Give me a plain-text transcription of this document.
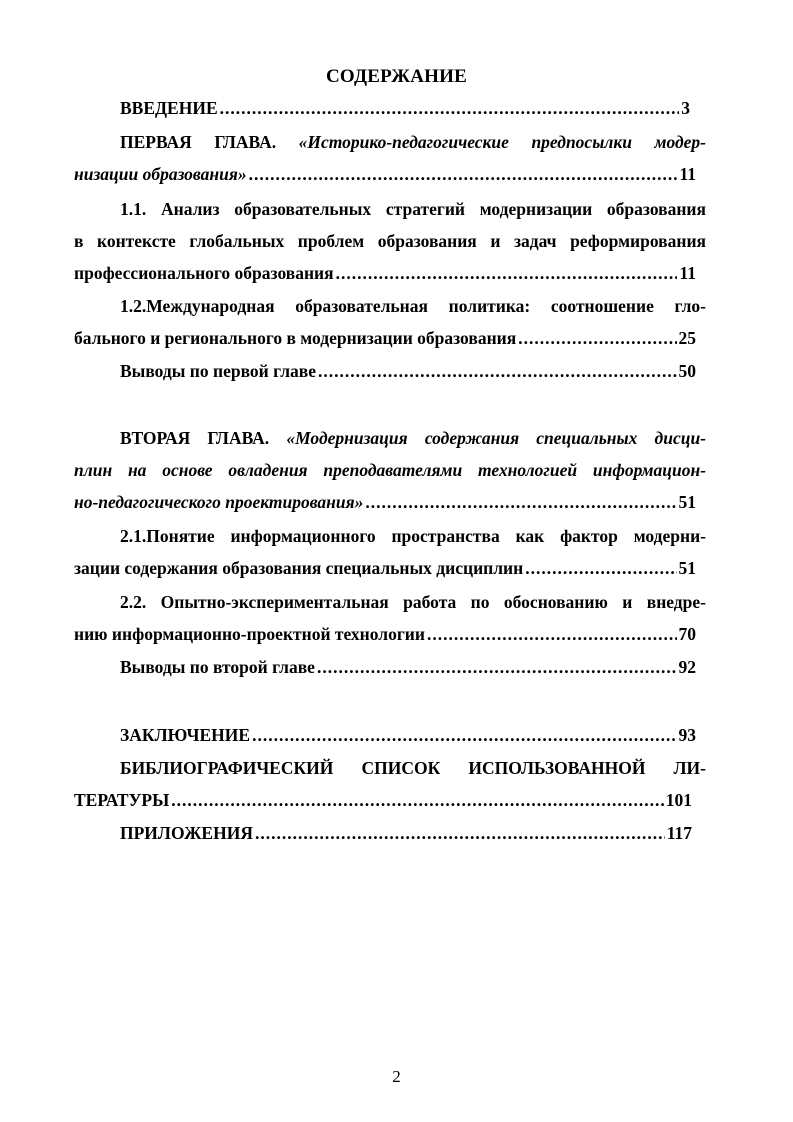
СОДЕРЖАНИЕ
ВВЕДЕНИЕ .....	3
ПЕРВАЯ ГЛАВА. «Историко-педагогические предпосылки модер-
низации образования» .....	11
1.1. Анализ образовательных стратегий модернизации образования
в контексте глобальных проблем образования и задач реформирования
профессионального образования .....	11
1.2.Международная образовательная политика: соотношение гло-
бального и регионального в модернизации образования .....	25
Выводы по первой главе .....	50
ВТОРАЯ ГЛАВА. «Модернизация содержания специальных дисци-
плин на основе овладения преподавателями технологией информацион-
но-педагогического проектирования» .....	51
2.1.Понятие информационного пространства как фактор модерни-
зации содержания образования специальных дисциплин .....	51
2.2. Опытно-экспериментальная работа по обоснованию и внедре-
нию информационно-проектной технологии .....	70
Выводы по второй главе .....	92
ЗАКЛЮЧЕНИЕ .....	93
БИБЛИОГРАФИЧЕСКИЙ СПИСОК ИСПОЛЬЗОВАННОЙ ЛИ-
ТЕРАТУРЫ .....	101
ПРИЛОЖЕНИЯ .....	117
2
